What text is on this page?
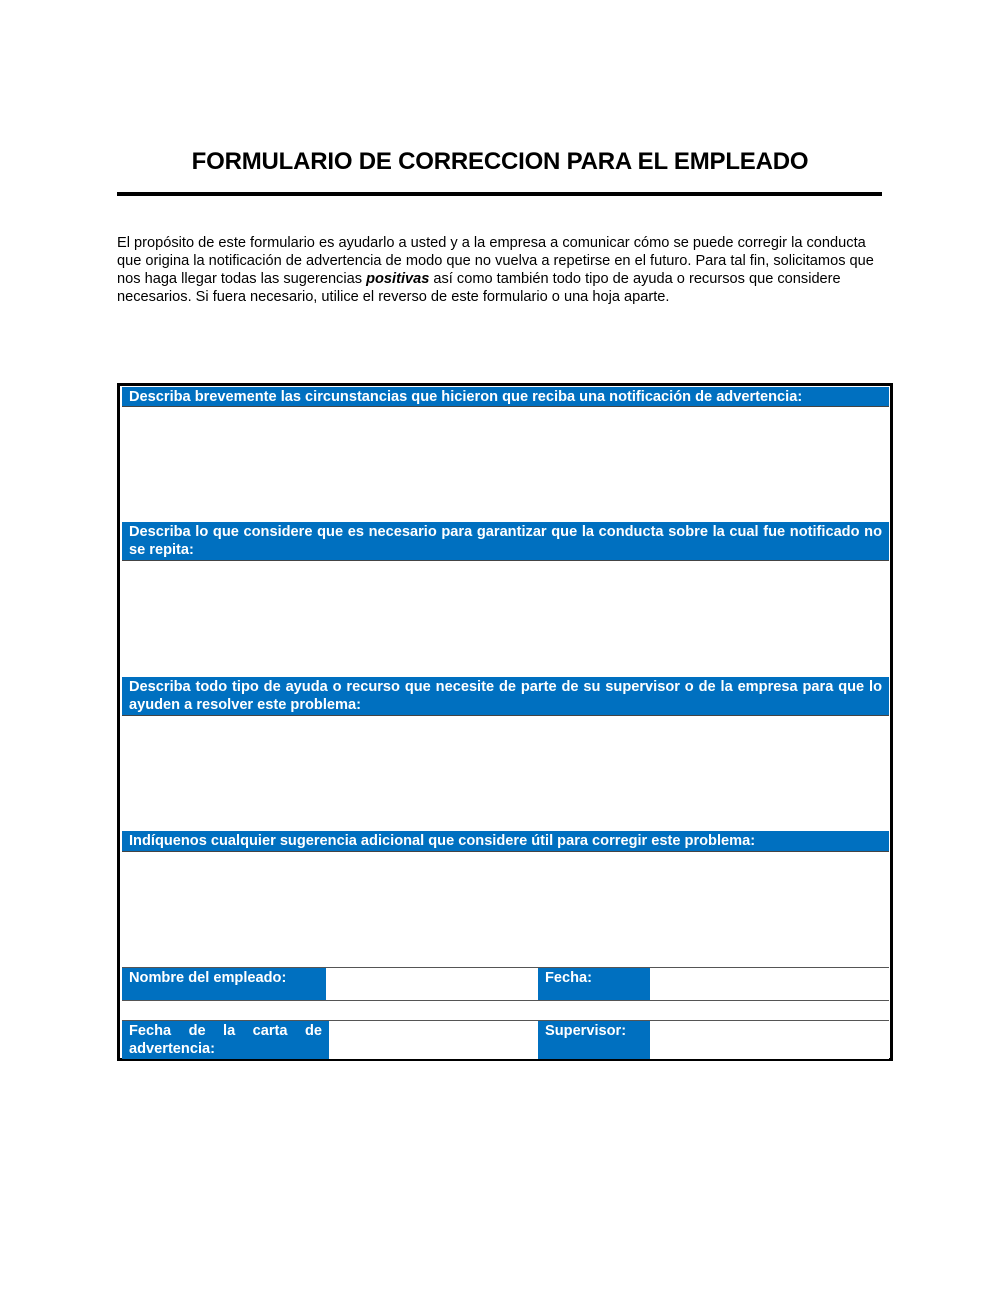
FORMULARIO DE CORRECCION PARA EL EMPLEADO

El propósito de este formulario es ayudarlo a usted y a la empresa a comunicar cómo se puede corregir la conducta que origina la notificación de advertencia de modo que no vuelva a repetirse en el futuro. Para tal fin, solicitamos que nos haga llegar todas las sugerencias positivas así como también todo tipo de ayuda o recursos que considere necesarios. Si fuera necesario, utilice el reverso de este formulario o una hoja aparte.

Describa brevemente las circunstancias que hicieron que reciba una notificación de advertencia:
Describa lo que considere que es necesario para garantizar que la conducta sobre la cual fue notificado no se repita:
Describa todo tipo de ayuda o recurso que necesite de parte de su supervisor o de la empresa para que lo ayuden a resolver este problema:
Indíquenos cualquier sugerencia adicional que considere útil para corregir este problema:
Nombre del empleado:	Fecha:
Fecha de la carta de advertencia:
Supervisor:
